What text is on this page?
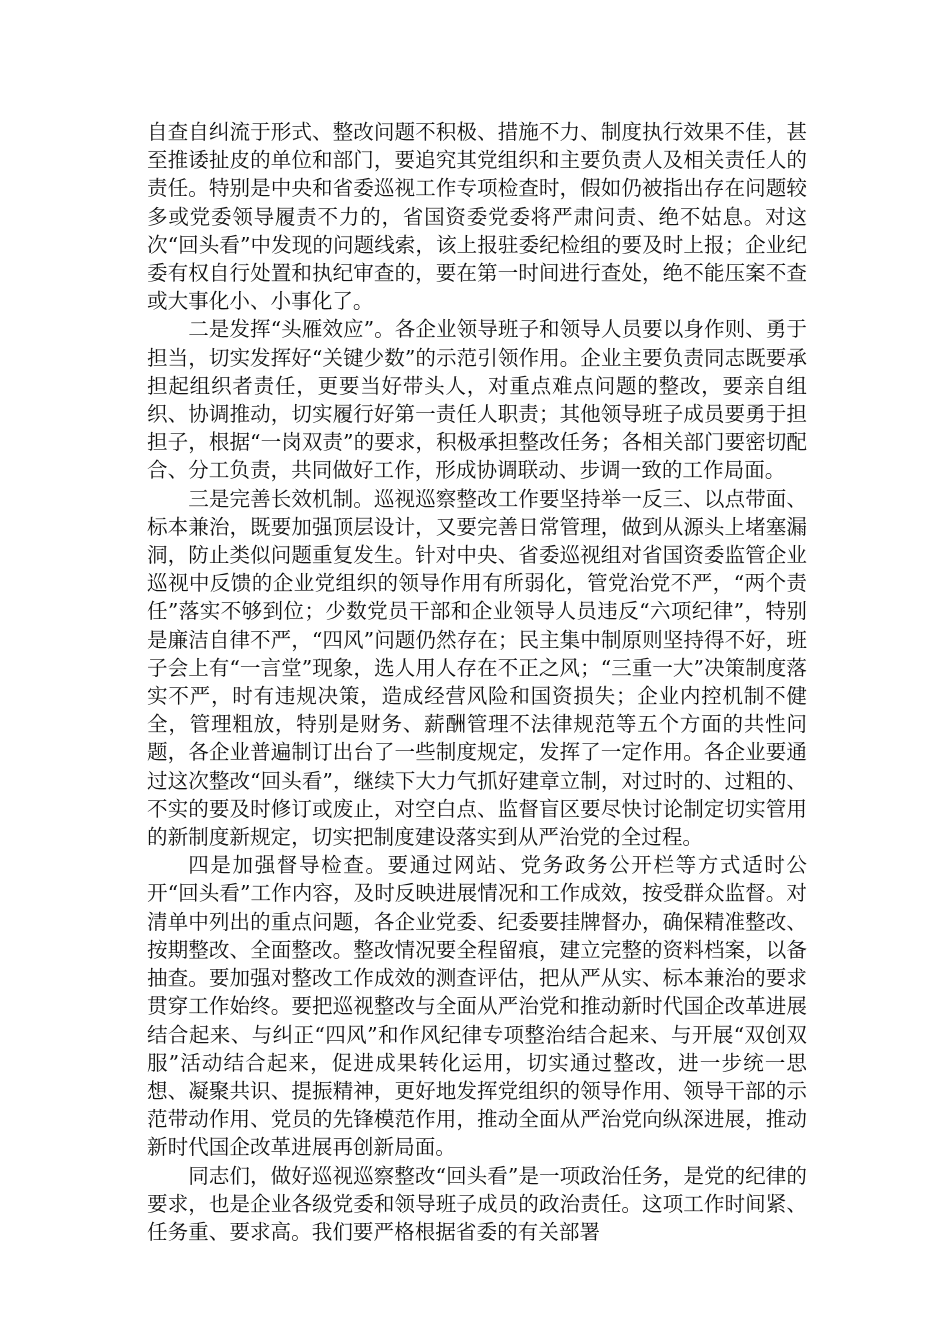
自查自纠流于形式、整改问题不积极、措施不力、制度执行效果不佳，甚至推诿扯皮的单位和部门，要追究其党组织和主要负责人及相关责任人的责任。特别是中央和省委巡视工作专项检查时，假如仍被指出存在问题较多或党委领导履责不力的，省国资委党委将严肃问责、绝不姑息。对这次“回头看”中发现的问题线索，该上报驻委纪检组的要及时上报；企业纪委有权自行处置和执纪审查的，要在第一时间进行查处，绝不能压案不查或大事化小、小事化了。

二是发挥“头雁效应”。各企业领导班子和领导人员要以身作则、勇于担当，切实发挥好“关键少数”的示范引领作用。企业主要负责同志既要承担起组织者责任，更要当好带头人，对重点难点问题的整改，要亲自组织、协调推动，切实履行好第一责任人职责；其他领导班子成员要勇于担担子，根据“一岗双责”的要求，积极承担整改任务；各相关部门要密切配合、分工负责，共同做好工作，形成协调联动、步调一致的工作局面。

三是完善长效机制。巡视巡察整改工作要坚持举一反三、以点带面、标本兼治，既要加强顶层设计，又要完善日常管理，做到从源头上堵塞漏洞，防止类似问题重复发生。针对中央、省委巡视组对省国资委监管企业巡视中反馈的企业党组织的领导作用有所弱化，管党治党不严，“两个责任”落实不够到位；少数党员干部和企业领导人员违反“六项纪律”，特别是廉洁自律不严，“四风”问题仍然存在；民主集中制原则坚持得不好，班子会上有“一言堂”现象，选人用人存在不正之风；“三重一大”决策制度落实不严，时有违规决策，造成经营风险和国资损失；企业内控机制不健全，管理粗放，特别是财务、薪酬管理不法律规范等五个方面的共性问题，各企业普遍制订出台了一些制度规定，发挥了一定作用。各企业要通过这次整改“回头看”，继续下大力气抓好建章立制，对过时的、过粗的、不实的要及时修订或废止，对空白点、监督盲区要尽快讨论制定切实管用的新制度新规定，切实把制度建设落实到从严治党的全过程。

四是加强督导检查。要通过网站、党务政务公开栏等方式适时公开“回头看”工作内容，及时反映进展情况和工作成效，按受群众监督。对清单中列出的重点问题，各企业党委、纪委要挂牌督办，确保精准整改、按期整改、全面整改。整改情况要全程留痕，建立完整的资料档案，以备抽查。要加强对整改工作成效的测查评估，把从严从实、标本兼治的要求贯穿工作始终。要把巡视整改与全面从严治党和推动新时代国企改革进展结合起来、与纠正“四风”和作风纪律专项整治结合起来、与开展“双创双服”活动结合起来，促进成果转化运用，切实通过整改，进一步统一思想、凝聚共识、提振精神，更好地发挥党组织的领导作用、领导干部的示范带动作用、党员的先锋模范作用，推动全面从严治党向纵深进展，推动新时代国企改革进展再创新局面。

同志们，做好巡视巡察整改“回头看”是一项政治任务，是党的纪律的要求，也是企业各级党委和领导班子成员的政治责任。这项工作时间紧、任务重、要求高。我们要严格根据省委的有关部署
